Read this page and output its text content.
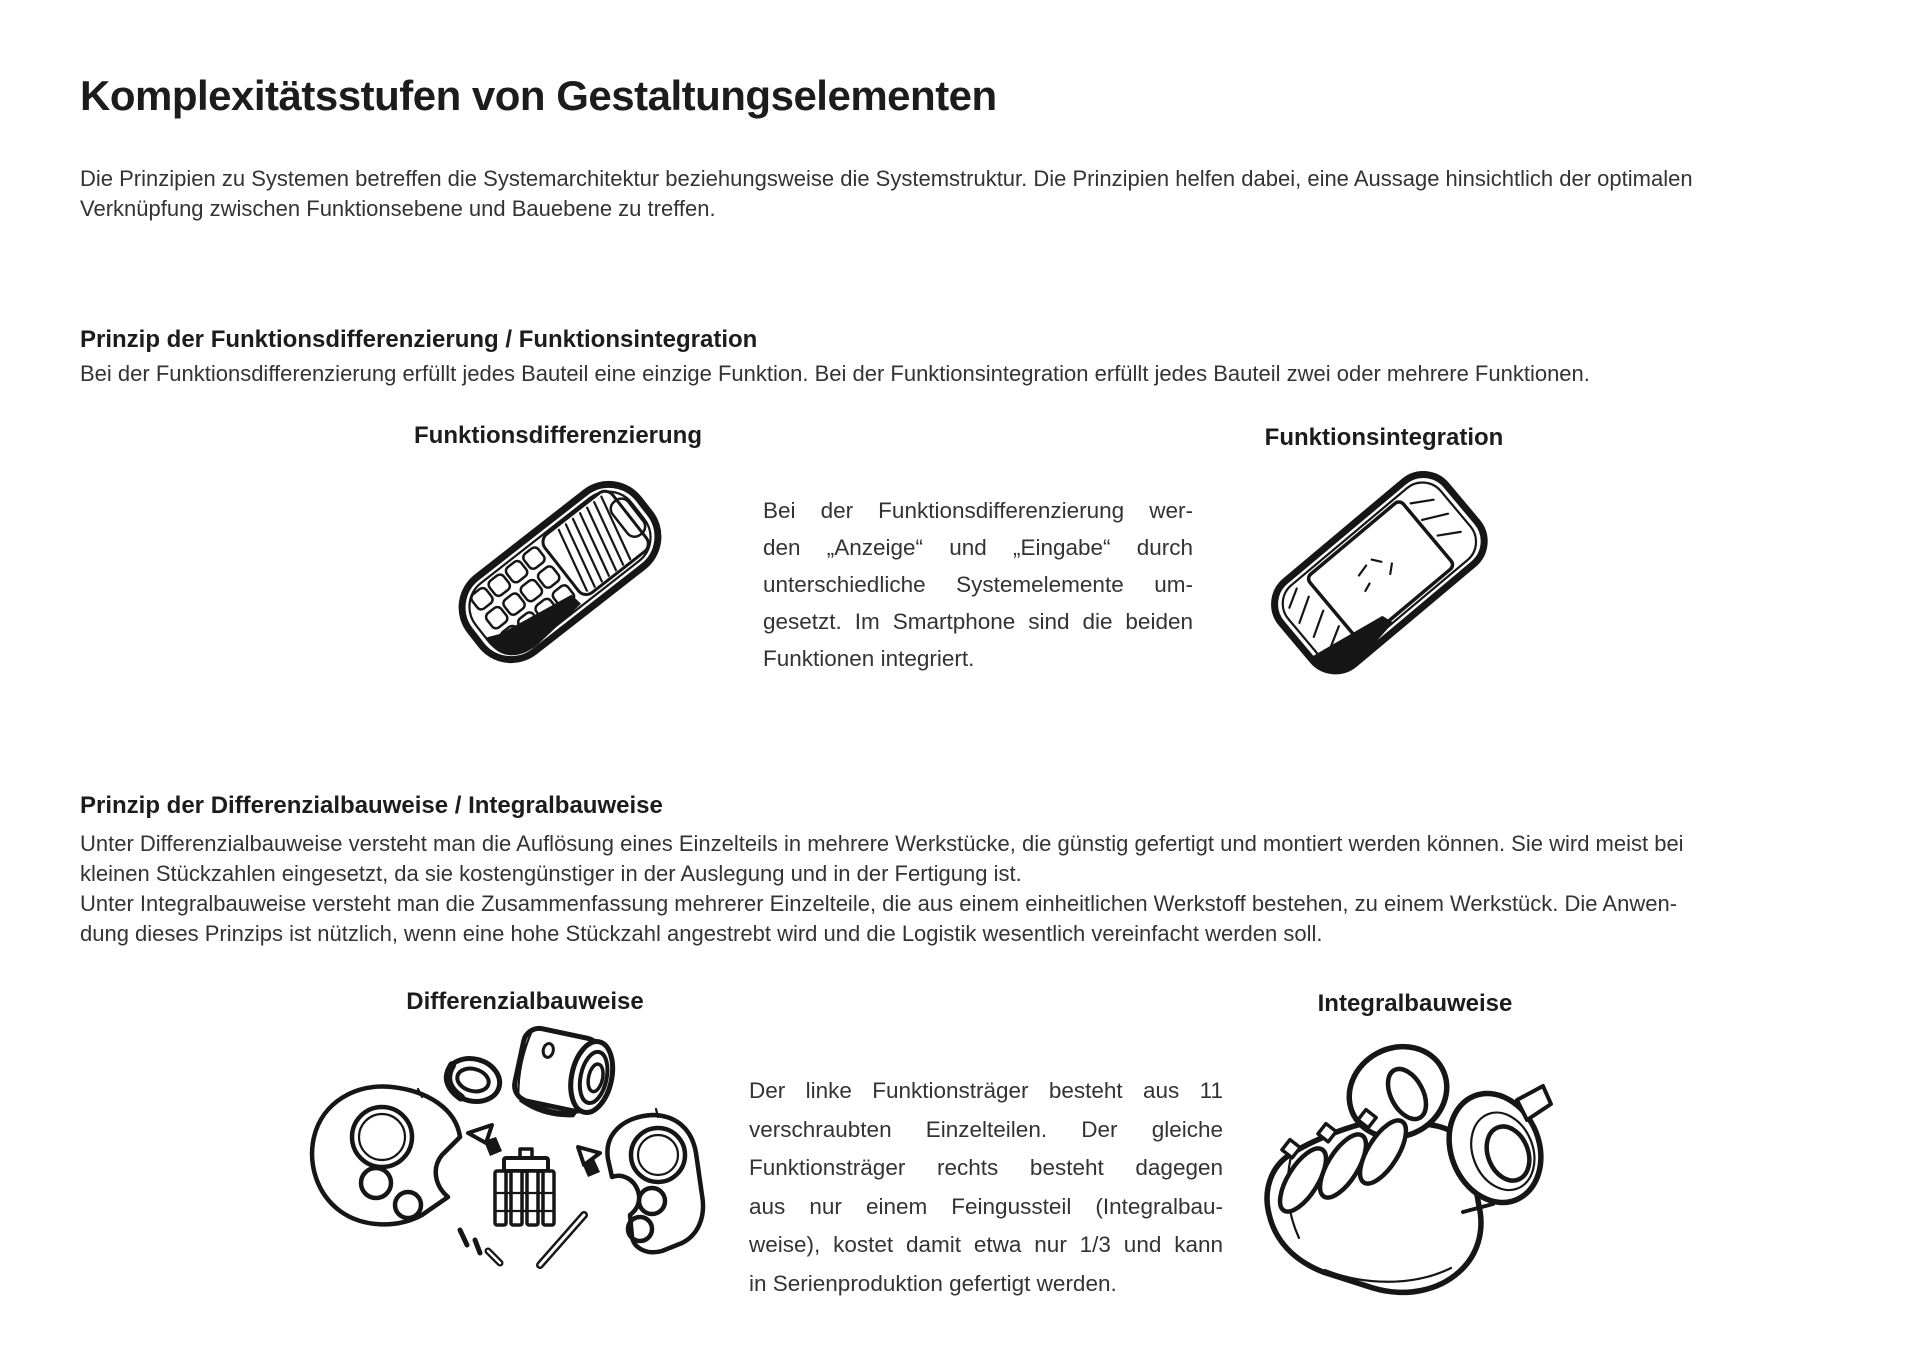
Komplexitätsstufen von Gestaltungselementen
Die Prinzipien zu Systemen betreffen die Systemarchitektur beziehungsweise die Systemstruktur. Die Prinzipien helfen dabei, eine Aussage hinsichtlich der optimalen
Verknüpfung zwischen Funktionsebene und Bauebene zu treffen.
Prinzip der Funktionsdifferenzierung / Funktionsintegration
Bei der Funktionsdifferenzierung erfüllt jedes Bauteil eine einzige Funktion. Bei der Funktionsintegration erfüllt jedes Bauteil zwei oder mehrere Funktionen.
Funktionsdifferenzierung	Funktionsintegration
Bei der Funktionsdifferenzierung wer-
den „Anzeige“ und „Eingabe“ durch
unterschiedliche Systemelemente um-
gesetzt. Im Smartphone sind die beiden
Funktionen integriert.
Prinzip der Differenzialbauweise / Integralbauweise
Unter Differenzialbauweise versteht man die Auflösung eines Einzelteils in mehrere Werkstücke, die günstig gefertigt und montiert werden können. Sie wird meist bei
kleinen Stückzahlen eingesetzt, da sie kostengünstiger in der Auslegung und in der Fertigung ist.
Unter Integralbauweise versteht man die Zusammenfassung mehrerer Einzelteile, die aus einem einheitlichen Werkstoff bestehen, zu einem Werkstück. Die Anwen-
dung dieses Prinzips ist nützlich, wenn eine hohe Stückzahl angestrebt wird und die Logistik wesentlich vereinfacht werden soll.
Differenzialbauweise	Integralbauweise
Der linke Funktionsträger besteht aus 11
verschraubten Einzelteilen. Der gleiche
Funktionsträger rechts besteht dagegen
aus nur einem Feingussteil (Integralbau-
weise), kostet damit etwa nur 1/3 und kann
in Serienproduktion gefertigt werden.
